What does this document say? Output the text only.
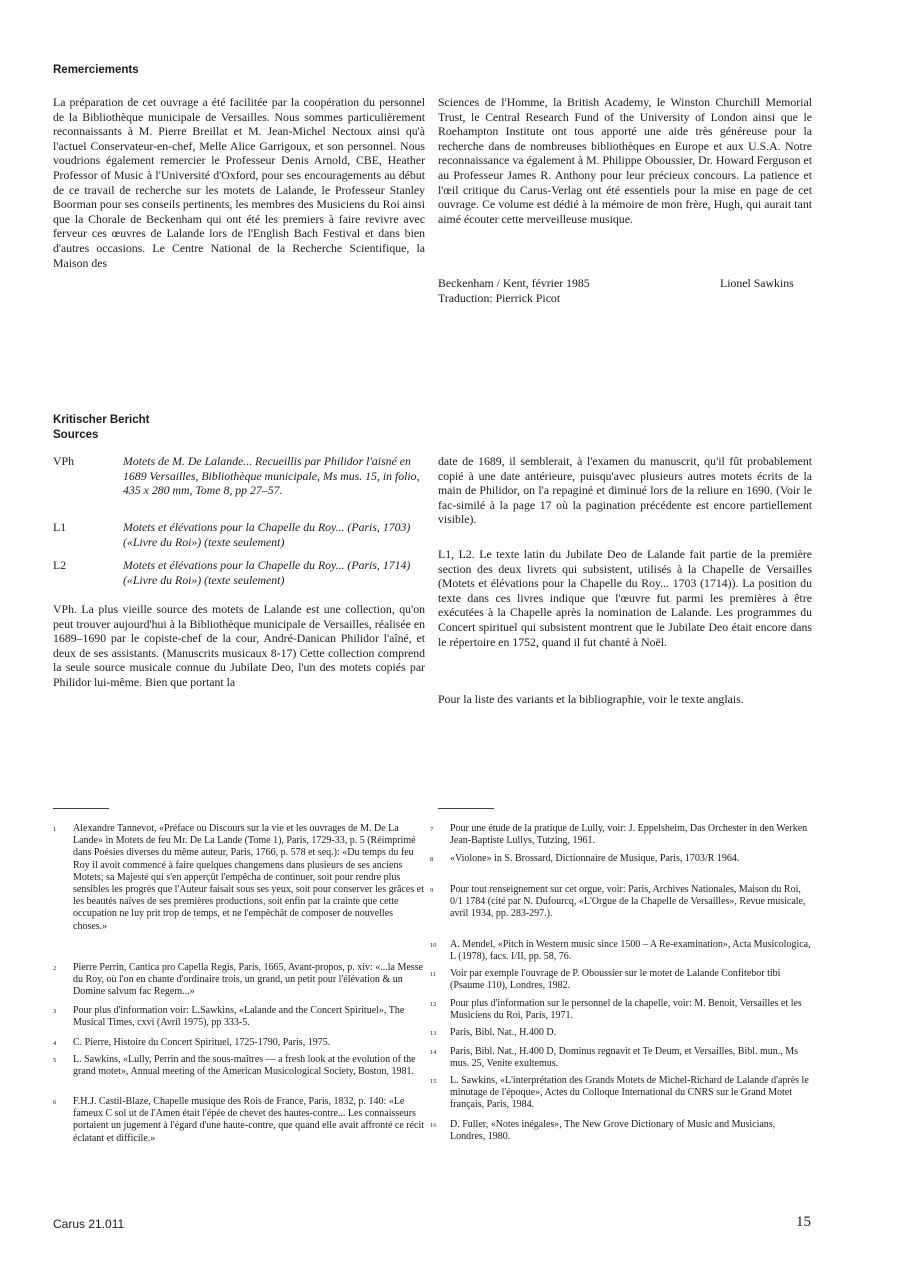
Remerciements
La préparation de cet ouvrage a été facilitée par la coopération du personnel de la Bibliothèque municipale de Versailles. Nous sommes particulièrement reconnaissants à M. Pierre Breillat et M. Jean-Michel Nectoux ainsi qu'à l'actuel Conservateur-en-chef, Melle Alice Garrigoux, et son personnel. Nous voudrions également remercier le Professeur Denis Arnold, CBE, Heather Professor of Music à l'Université d'Oxford, pour ses encouragements au début de ce travail de recherche sur les motets de Lalande, le Professeur Stanley Boorman pour ses conseils pertinents, les membres des Musiciens du Roi ainsi que la Chorale de Beckenham qui ont été les premiers à faire revivre avec ferveur ces œuvres de Lalande lors de l'English Bach Festival et dans bien d'autres occasions. Le Centre National de la Recherche Scientifique, la Maison des
Sciences de l'Homme, la British Academy, le Winston Churchill Memorial Trust, le Central Research Fund of the University of London ainsi que le Roehampton Institute ont tous apporté une aide très généreuse pour la recherche dans de nombreuses bibliothèques en Europe et aux U.S.A. Notre reconnaissance va également à M. Philippe Oboussier, Dr. Howard Ferguson et au Professeur James R. Anthony pour leur précieux concours. La patience et l'œil critique du Carus-Verlag ont été essentiels pour la mise en page de cet ouvrage. Ce volume est dédié à la mémoire de mon frère, Hugh, qui aurait tant aimé écouter cette merveilleuse musique.
Beckenham / Kent, février 1985	Lionel Sawkins
Traduction: Pierrick Picot
Kritischer Bericht
Sources
VPh	Motets de M. De Lalande... Recueillis par Philidor l'aisné en 1689 Versailles, Bibliothèque municipale, Ms mus. 15, in folio, 435 x 280 mm, Tome 8, pp 27–57.
L1	Motets et élévations pour la Chapelle du Roy... (Paris, 1703) («Livre du Roi») (texte seulement)
L2	Motets et élévations pour la Chapelle du Roy... (Paris, 1714) («Livre du Roi») (texte seulement)
VPh. La plus vieille source des motets de Lalande est une collection, qu'on peut trouver aujourd'hui à la Bibliothèque municipale de Versailles, réalisée en 1689–1690 par le copiste-chef de la cour, André-Danican Philidor l'aîné, et deux de ses assistants. (Manuscrits musicaux 8-17) Cette collection comprend la seule source musicale connue du Jubilate Deo, l'un des motets copiés par Philidor lui-même. Bien que portant la
date de 1689, il semblerait, à l'examen du manuscrit, qu'il fût probablement copié à une date antérieure, puisqu'avec plusieurs autres motets écrits de la main de Philidor, on l'a repaginé et diminué lors de la reliure en 1690. (Voir le fac-similé à la page 17 où la pagination précédente est encore partiellement visible).
L1, L2. Le texte latin du Jubilate Deo de Lalande fait partie de la première section des deux livrets qui subsistent, utilisés à la Chapelle de Versailles (Motets et élévations pour la Chapelle du Roy... 1703 (1714)). La position du texte dans ces livres indique que l'œuvre fut parmi les premières à être exécutées à la Chapelle après la nomination de Lalande. Les programmes du Concert spirituel qui subsistent montrent que le Jubilate Deo était encore dans le répertoire en 1752, quand il fut chanté à Noël.
Pour la liste des variants et la bibliographie, voir le texte anglais.
1	Alexandre Tannevot, «Préface ou Discours sur la vie et les ouvrages de M. De La Lande» in Motets de feu Mr. De La Lande (Tome 1), Paris, 1729-33, p. 5 (Réimprimé dans Poésies diverses du même auteur, Paris, 1766, p. 578 et seq.): «Du temps du feu Roy il avoit commencé à faire quelques changemens dans plusieurs de ses anciens Motets; sa Majesté qui s'en apperçût l'empêcha de continuer, soit pour rendre plus sensibles les progrès que l'Auteur faisait sous ses yeux, soit pour conserver les grâces et les beautés naïves de ses premières productions, soit enfin par la crainte que cette occupation ne luy prit trop de temps, et ne l'empêchât de composer de nouvelles choses.»
2	Pierre Perrin, Cantica pro Capella Regis, Paris, 1665, Avant-propos, p. xiv: «...la Messe du Roy, où l'on en chante d'ordinaire trois, un grand, un petit pour l'élévation & un Domine salvum fac Regem...»
3	Pour plus d'information voir: L.Sawkins, «Lalande and the Concert Spirituel», The Musical Times, cxvi (Avril 1975), pp 333-5.
4	C. Pierre, Histoire du Concert Spirituel, 1725-1790, Paris, 1975.
5	L. Sawkins, «Lully, Perrin and the sous-maîtres — a fresh look at the evolution of the grand motet», Annual meeting of the American Musicological Society, Boston, 1981.
6	F.H.J. Castil-Blaze, Chapelle musique des Rois de France, Paris, 1832, p. 140: «Le fameux C sol ut de l'Amen était l'épée de chevet des hautes-contre... Les connaisseurs portaient un jugement à l'égard d'une haute-contre, que quand elle avait affronté ce récit éclatant et difficile.»
7	Pour une étude de la pratique de Lully, voir: J. Eppelsheim, Das Orchester in den Werken Jean-Baptiste Lullys, Tutzing, 1961.
8	«Violone» in S. Brossard, Dictionnaire de Musique, Paris, 1703/R 1964.
9	Pour tout renseignement sur cet orgue, voir: Paris, Archives Nationales, Maison du Roi, 0/1 1784 (cité par N. Dufourcq, «L'Orgue de la Chapelle de Versailles», Revue musicale, avril 1934, pp. 283-297.).
10	A. Mendel, «Pitch in Western music since 1500 – A Re-examination», Acta Musicologica, L (1978), facs. I/II, pp. 58, 76.
11	Voir par exemple l'ouvrage de P. Oboussier sur le motet de Lalande Confitebor tibi (Psaume 110), Londres, 1982.
12	Pour plus d'information sur le personnel de la chapelle, voir: M. Benoit, Versailles et les Musiciens du Roi, Paris, 1971.
13	Paris, Bibl. Nat., H.400 D.
14	Paris, Bibl. Nat., H.400 D, Dominus regnavit et Te Deum, et Versailles, Bibl. mun., Ms mus. 25, Venite exultemus.
15	L. Sawkins, «L'interprétation des Grands Motets de Michel-Richard de Lalande d'après le minutage de l'époque», Actes du Colloque International du CNRS sur le Grand Motet français, Paris, 1984.
16	D. Fuller, «Notes inégales», The New Grove Dictionary of Music and Musicians, Londres, 1980.
Carus 21.011	15
